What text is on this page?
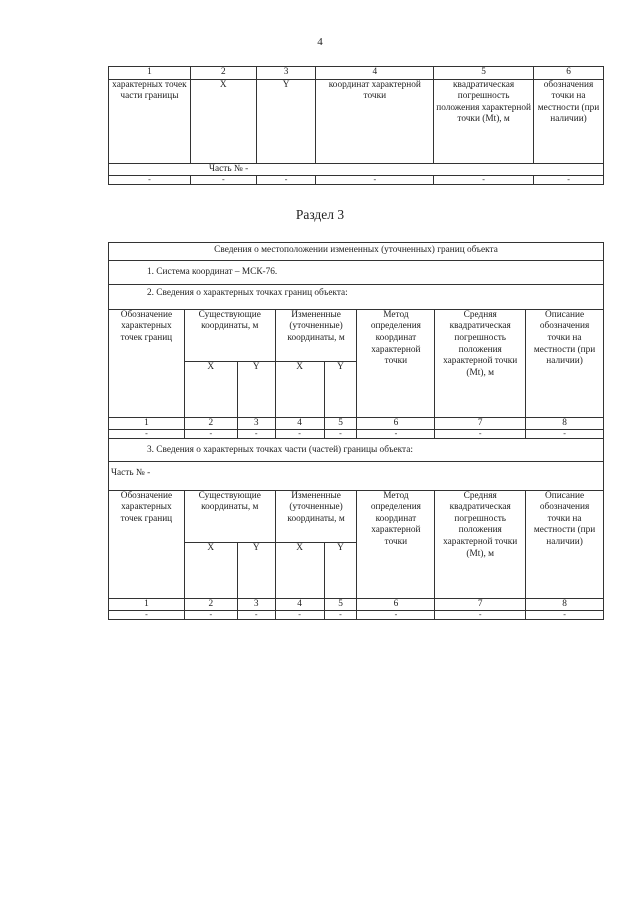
4
1	2	3	4	5	6
характерных точек части границы	X	Y	координат характерной точки	квадратическая погрешность положения характерной точки (Mt), м	обозначения точки на местности (при наличии)
Часть № -					
-	-	-	-	-	-
Раздел 3
Сведения о местоположении измененных (уточненных) границ объекта							
1. Система координат – МСК-76.							
2. Сведения о характерных точках границ объекта:							
Обозначение характерных точек границ	Существующие координаты, м		Измененные (уточненные) координаты, м		Метод определения координат характерной точки	Средняя квадратическая погрешность положения характерной точки (Mt), м	Описание обозначения точки на местности (при наличии)
	X	Y	X	Y			
1	2	3	4	5	6	7	8
-	-	-	-	-	-	-	-
3. Сведения о характерных точках части (частей) границы объекта:							
Часть № -							
Обозначение характерных точек границ	Существующие координаты, м		Измененные (уточненные) координаты, м		Метод определения координат характерной точки	Средняя квадратическая погрешность положения характерной точки (Mt), м	Описание обозначения точки на местности (при наличии)
	X	Y	X	Y			
1	2	3	4	5	6	7	8
-	-	-	-	-	-	-	-
